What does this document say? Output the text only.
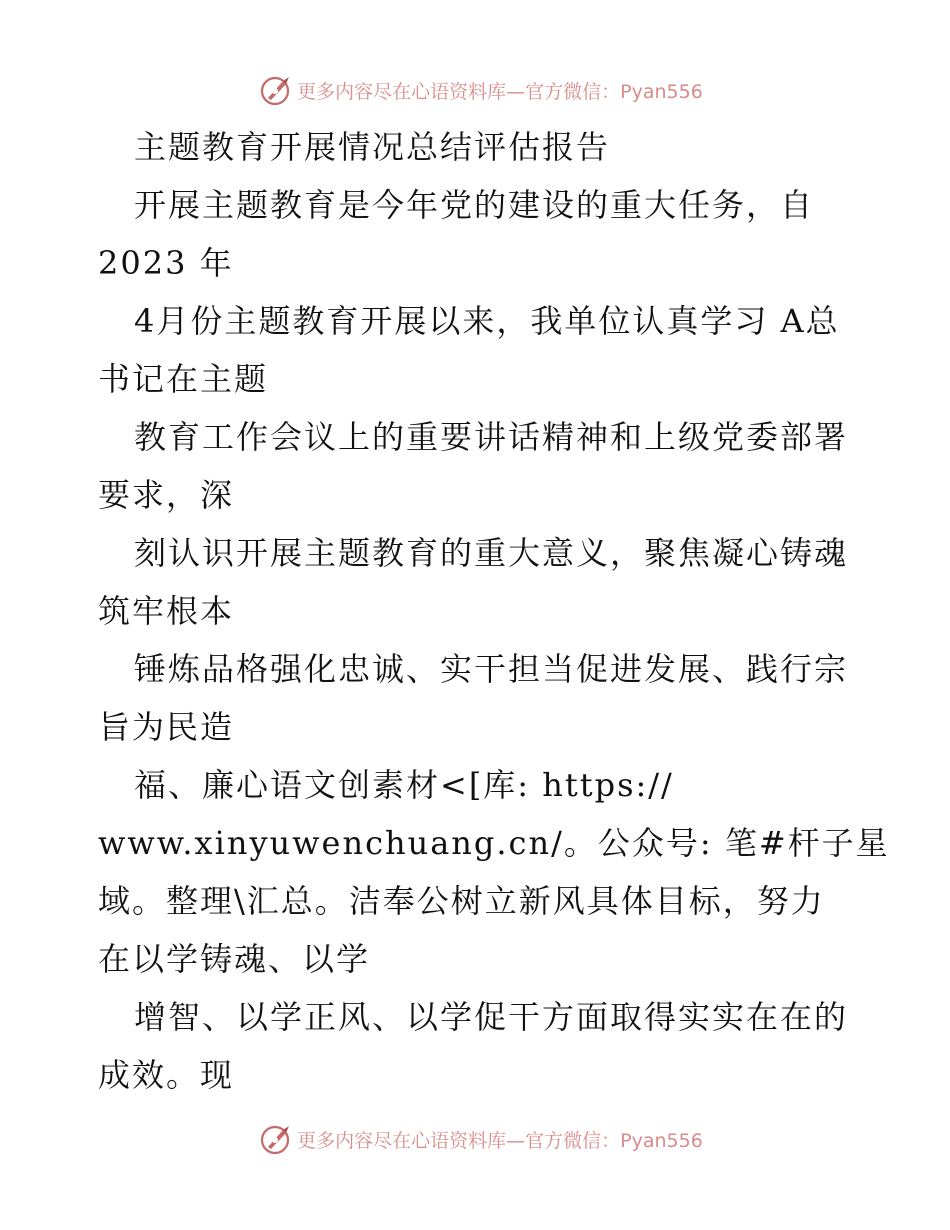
更多内容尽在心语资料库—官方微信：Pyan556
主题教育开展情况总结评估报告
开展主题教育是今年党的建设的重大任务，自
2023 年
4月份主题教育开展以来，我单位认真学习 A总
书记在主题
教育工作会议上的重要讲话精神和上级党委部署
要求，深
刻认识开展主题教育的重大意义，聚焦凝心铸魂
筑牢根本
锤炼品格强化忠诚、实干担当促进发展、践行宗
旨为民造
福、廉心语文创素材<[库: https://
www.xinyuwenchuang.cn/。公众号: 笔#杆子星
域。整理\汇总。洁奉公树立新风具体目标，努力
在以学铸魂、以学
增智、以学正风、以学促干方面取得实实在在的
成效。现
更多内容尽在心语资料库—官方微信：Pyan556
